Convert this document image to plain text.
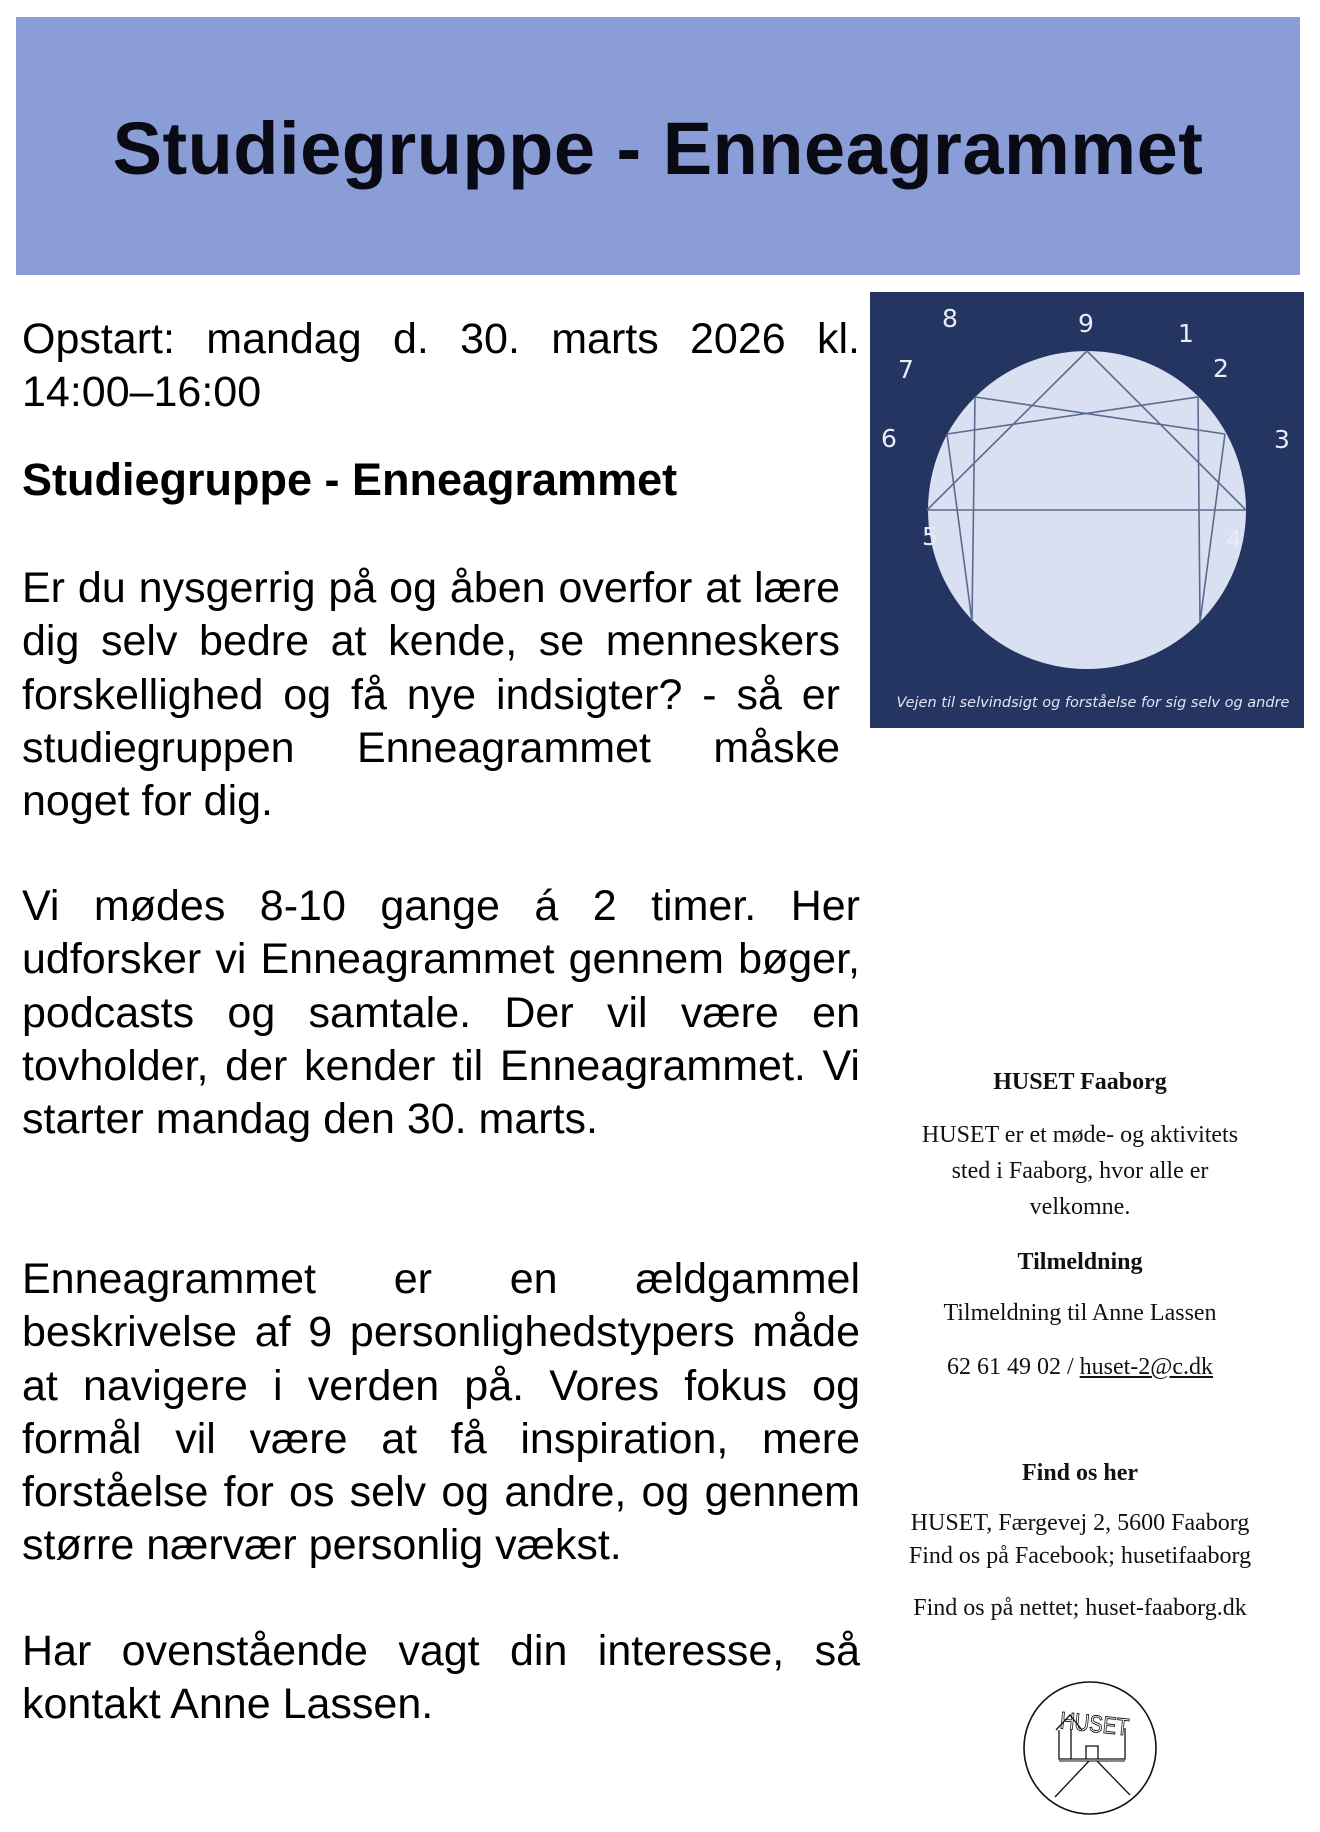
Studiegruppe - Enneagrammet

Opstart: mandag d. 30. marts 2026 kl. 14:00–16:00

Studiegruppe - Enneagrammet

Er du nysgerrig på og åben overfor at lære dig selv bedre at kende, se menneskers forskellighed og få nye indsigter? - så er studiegruppen Enneagrammet måske noget for dig.

Vi mødes 8-10 gange á 2 timer. Her udforsker vi Enneagrammet gennem bøger, podcasts og samtale. Der vil være en tovholder, der kender til Enneagrammet. Vi starter mandag den 30. marts.

Enneagrammet er en ældgammel beskrivelse af 9 personlighedstypers måde at navigere i verden på. Vores fokus og formål vil være at få inspiration, mere forståelse for os selv og andre, og gennem større nærvær personlig vækst.

Har ovenstående vagt din interesse, så kontakt Anne Lassen.

9	1
2
3
4
5
6
7
8
Vejen til selvindsigt og forståelse for sig selv og andre

HUSET Faaborg

HUSET er et møde- og aktivitets

sted i Faaborg, hvor alle er

velkomne.

Tilmeldning

Tilmeldning til Anne Lassen

62 61 49 02 / huset-2@c.dk

Find os her

HUSET, Færgevej 2, 5600 Faaborg

Find os på Facebook; husetifaaborg

Find os på nettet; huset-faaborg.dk

HUSET
